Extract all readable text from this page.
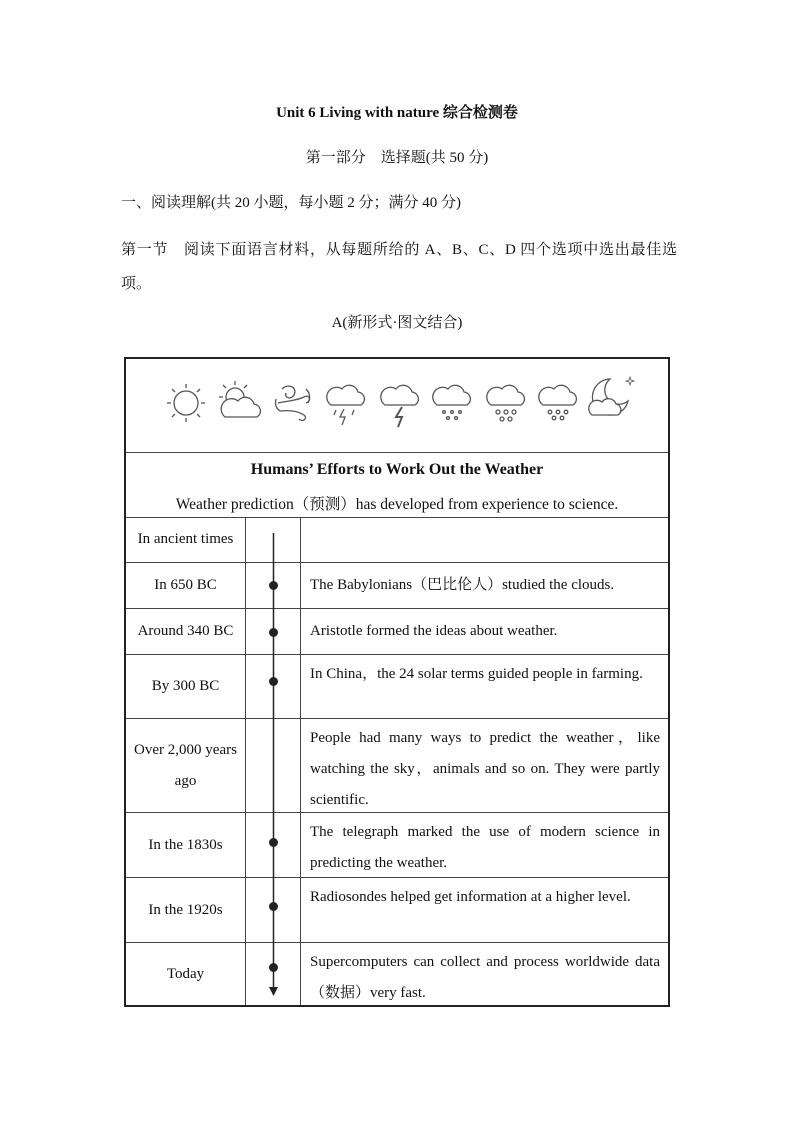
Unit 6 Living with nature 综合检测卷
第一部分　选择题(共 50 分)
一、阅读理解(共 20 小题，每小题 2 分；满分 40 分)
第一节　阅读下面语言材料，从每题所给的 A、B、C、D 四个选项中选出最佳选项。
A(新形式·图文结合)
Humans’ Efforts to Work Out the Weather
Weather prediction（预测）has developed from experience to science.
In ancient times
In 650 BC	The Babylonians（巴比伦人）studied the clouds.
Around 340 BC	Aristotle formed the ideas about weather.
By 300 BC
In China，the 24 solar terms guided people in farming.
Over 2,000 years ago
People had many ways to predict the weather，like watching the sky，animals and so on. They were partly scientific.
In the 1830s
The telegraph marked the use of modern science in predicting the weather.
In the 1920s
Radiosondes helped get information at a higher level.
Today
Supercomputers can collect and process worldwide data（数据）very fast.
